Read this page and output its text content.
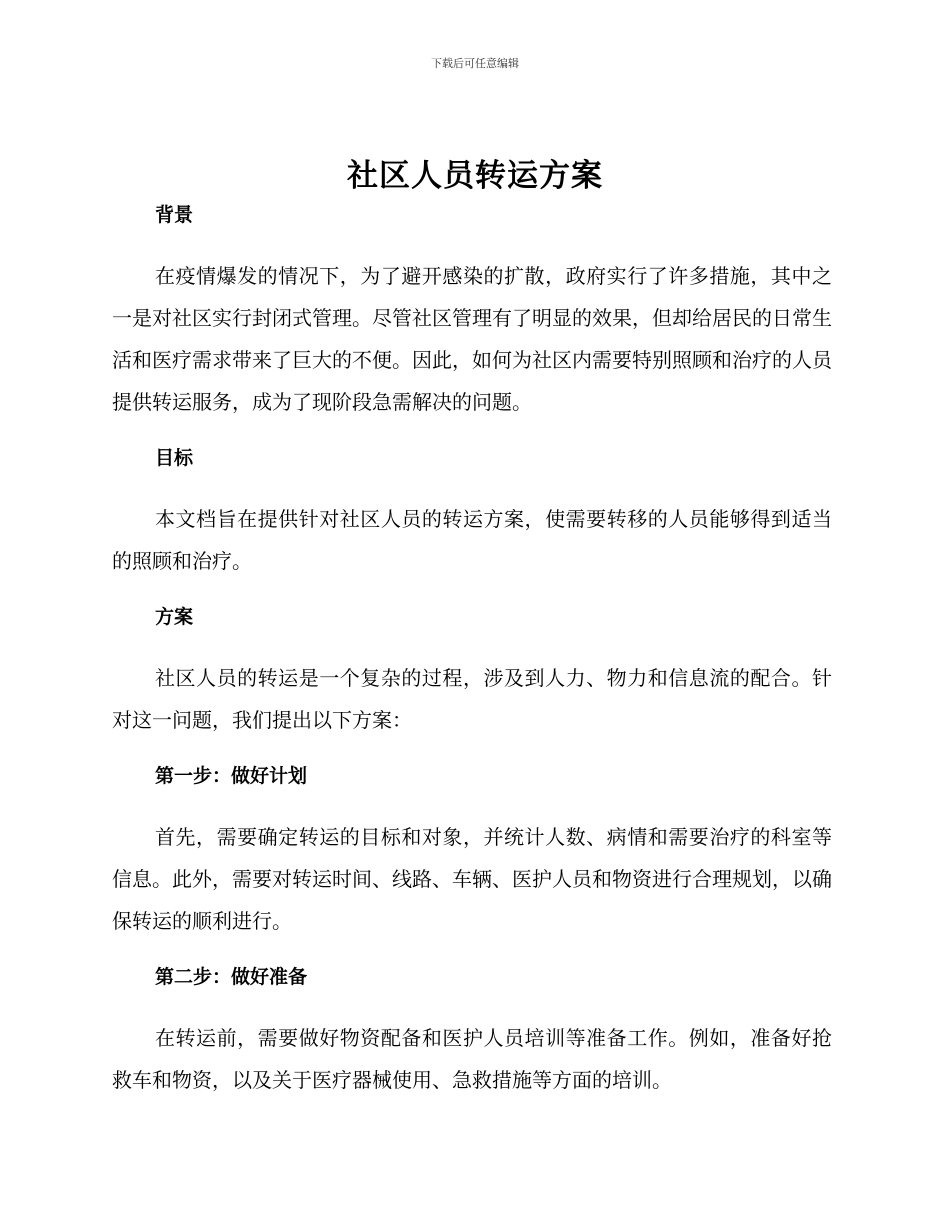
下载后可任意编辑
社区人员转运方案
背景

在疫情爆发的情况下，为了避开感染的扩散，政府实行了许多措施，其中之一是对社区实行封闭式管理。尽管社区管理有了明显的效果，但却给居民的日常生活和医疗需求带来了巨大的不便。因此，如何为社区内需要特别照顾和治疗的人员提供转运服务，成为了现阶段急需解决的问题。

目标

本文档旨在提供针对社区人员的转运方案，使需要转移的人员能够得到适当的照顾和治疗。

方案

社区人员的转运是一个复杂的过程，涉及到人力、物力和信息流的配合。针对这一问题，我们提出以下方案：

第一步：做好计划

首先，需要确定转运的目标和对象，并统计人数、病情和需要治疗的科室等信息。此外，需要对转运时间、线路、车辆、医护人员和物资进行合理规划，以确保转运的顺利进行。

第二步：做好准备

在转运前，需要做好物资配备和医护人员培训等准备工作。例如，准备好抢救车和物资，以及关于医疗器械使用、急救措施等方面的培训。
